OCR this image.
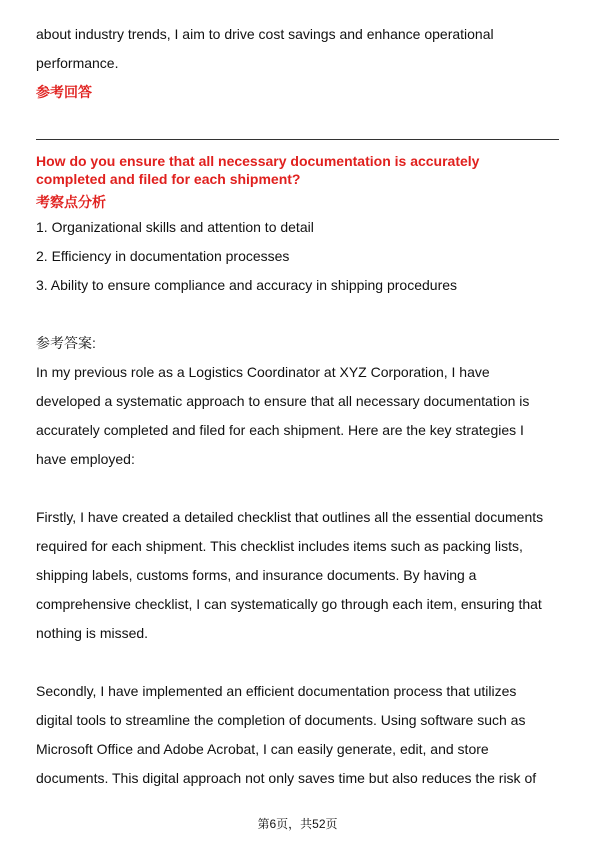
about industry trends, I aim to drive cost savings and enhance operational

performance.

参考回答

How do you ensure that all necessary documentation is accurately

completed and filed for each shipment?

考察点分析

1. Organizational skills and attention to detail

2. Efficiency in documentation processes

3. Ability to ensure compliance and accuracy in shipping procedures

参考答案:

In my previous role as a Logistics Coordinator at XYZ Corporation, I have

developed a systematic approach to ensure that all necessary documentation is

accurately completed and filed for each shipment. Here are the key strategies I

have employed:

Firstly, I have created a detailed checklist that outlines all the essential documents

required for each shipment. This checklist includes items such as packing lists,

shipping labels, customs forms, and insurance documents. By having a

comprehensive checklist, I can systematically go through each item, ensuring that

nothing is missed.

Secondly, I have implemented an efficient documentation process that utilizes

digital tools to streamline the completion of documents. Using software such as

Microsoft Office and Adobe Acrobat, I can easily generate, edit, and store

documents. This digital approach not only saves time but also reduces the risk of

第6页，共52页
